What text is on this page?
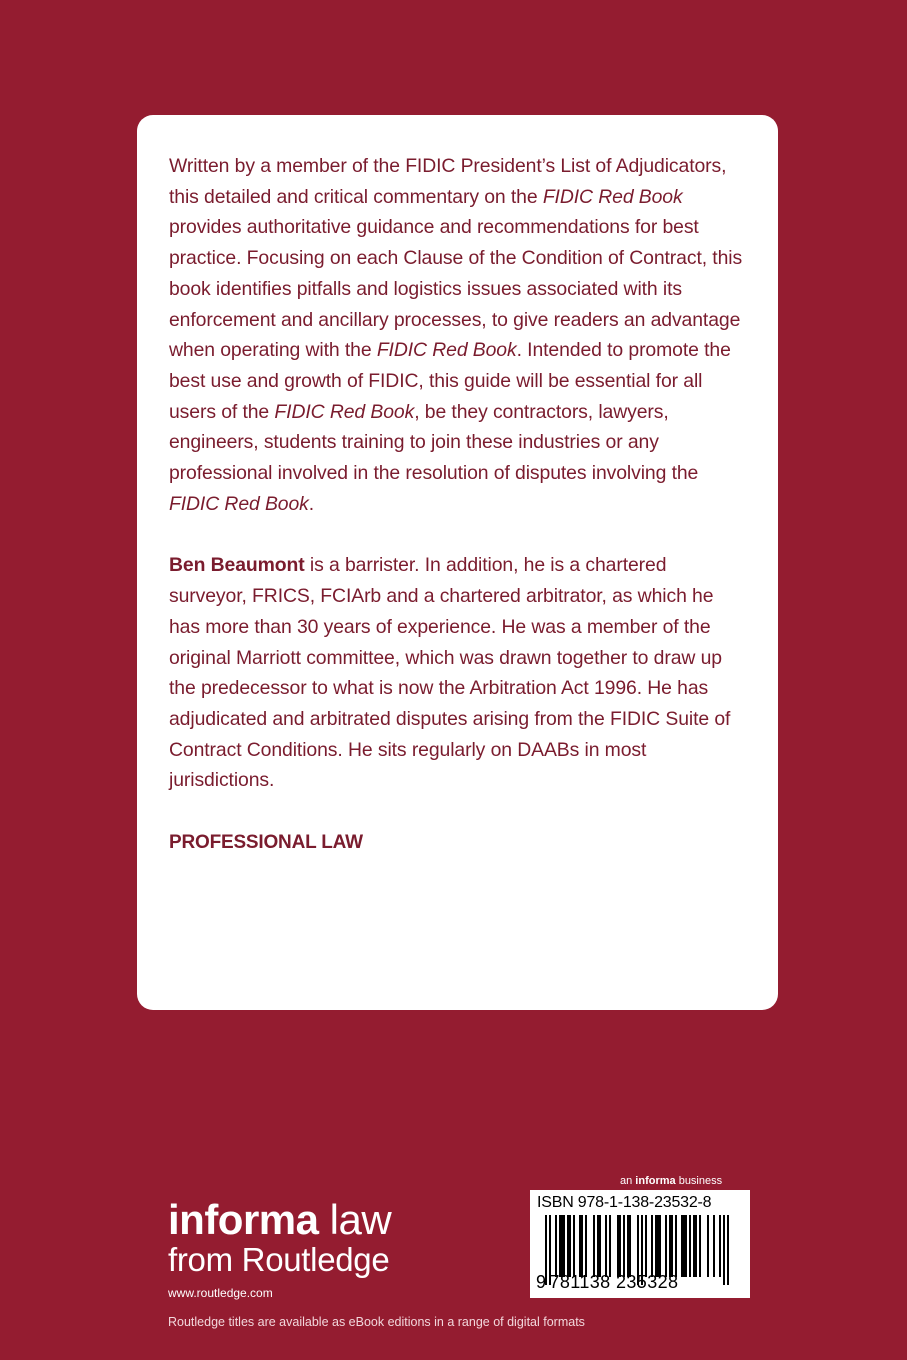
Written by a member of the FIDIC President’s List of Adjudicators, this detailed and critical commentary on the FIDIC Red Book provides authoritative guidance and recommendations for best practice. Focusing on each Clause of the Condition of Contract, this book identifies pitfalls and logistics issues associated with its enforcement and ancillary processes, to give readers an advantage when operating with the FIDIC Red Book. Intended to promote the best use and growth of FIDIC, this guide will be essential for all users of the FIDIC Red Book, be they contractors, lawyers, engineers, students training to join these industries or any professional involved in the resolution of disputes involving the FIDIC Red Book.

Ben Beaumont is a barrister. In addition, he is a chartered surveyor, FRICS, FCIArb and a chartered arbitrator, as which he has more than 30 years of experience. He was a member of the original Marriott committee, which was drawn together to draw up the predecessor to what is now the Arbitration Act 1996. He has adjudicated and arbitrated disputes arising from the FIDIC Suite of Contract Conditions. He sits regularly on DAABs in most jurisdictions.

PROFESSIONAL LAW
informa law
from Routledge
www.routledge.com
Routledge titles are available as eBook editions in a range of digital formats
an informa business
ISBN 978-1-138-23532-8
9 781138 235328
